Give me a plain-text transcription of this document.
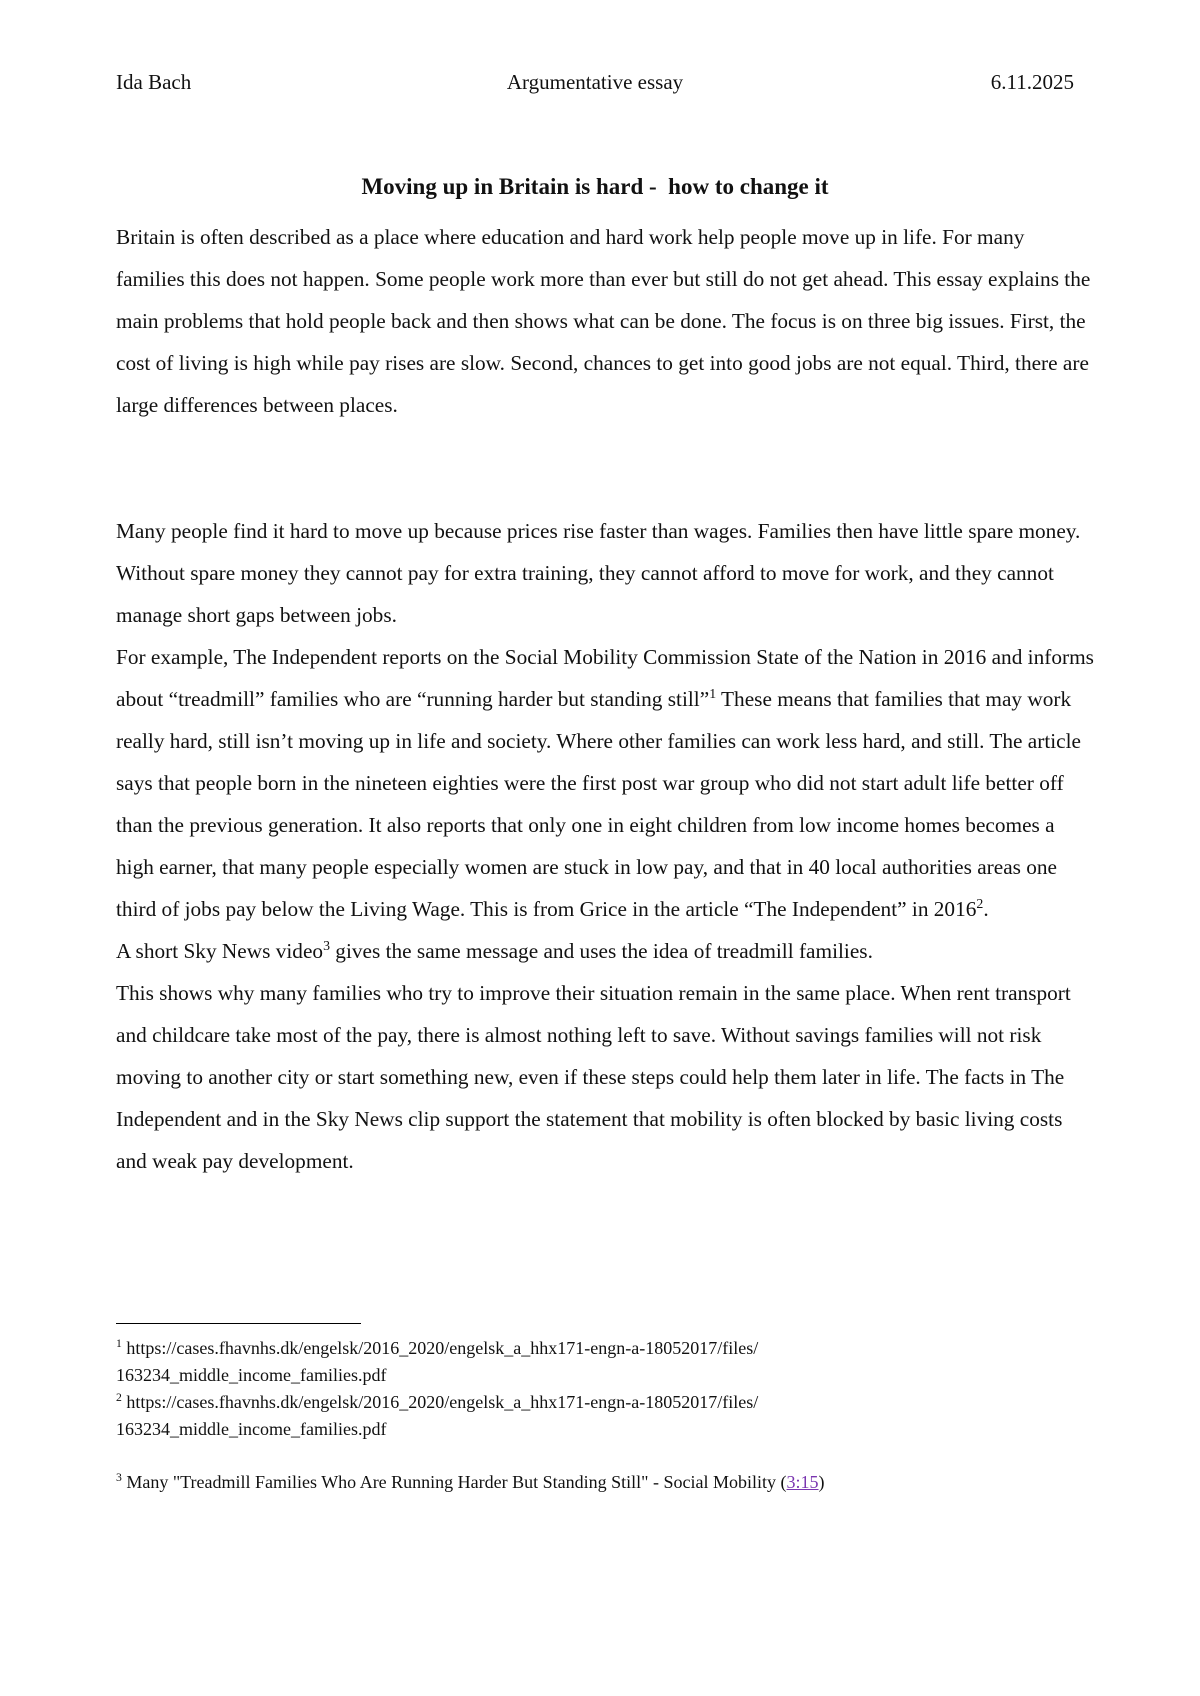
Ida Bach	Argumentative essay	6.11.2025
Moving up in Britain is hard -  how to change it

Britain is often described as a place where education and hard work help people move up in life. For many families this does not happen. Some people work more than ever but still do not get ahead. This essay explains the main problems that hold people back and then shows what can be done. The focus is on three big issues. First, the cost of living is high while pay rises are slow. Second, chances to get into good jobs are not equal. Third, there are large differences between places.

Many people find it hard to move up because prices rise faster than wages. Families then have little spare money. Without spare money they cannot pay for extra training, they cannot afford to move for work, and they cannot manage short gaps between jobs.

For example, The Independent reports on the Social Mobility Commission State of the Nation in 2016 and informs about “treadmill” families who are “running harder but standing still”$^1$ These means that families that may work really hard, still isn’t moving up in life and society. Where other families can work less hard, and still. The article says that people born in the nineteen eighties were the first post war group who did not start adult life better off than the previous generation. It also reports that only one in eight children from low income homes becomes a high earner, that many people especially women are stuck in low pay, and that in 40 local authorities areas one third of jobs pay below the Living Wage. This is from Grice in the article “The Independent” in 2016$^2$.

A short Sky News video$^3$ gives the same message and uses the idea of treadmill families.

This shows why many families who try to improve their situation remain in the same place. When rent transport and childcare take most of the pay, there is almost nothing left to save. Without savings families will not risk moving to another city or start something new, even if these steps could help them later in life. The facts in The Independent and in the Sky News clip support the statement that mobility is often blocked by basic living costs and weak pay development.

$^1$ https://cases.fhavnhs.dk/engelsk/2016_2020/engelsk_a_hhx171-engn-a-18052017/files/ 163234_middle_income_families.pdf

$^2$ https://cases.fhavnhs.dk/engelsk/2016_2020/engelsk_a_hhx171-engn-a-18052017/files/ 163234_middle_income_families.pdf

$^3$ Many "Treadmill Families Who Are Running Harder But Standing Still" - Social Mobility (3:15)
